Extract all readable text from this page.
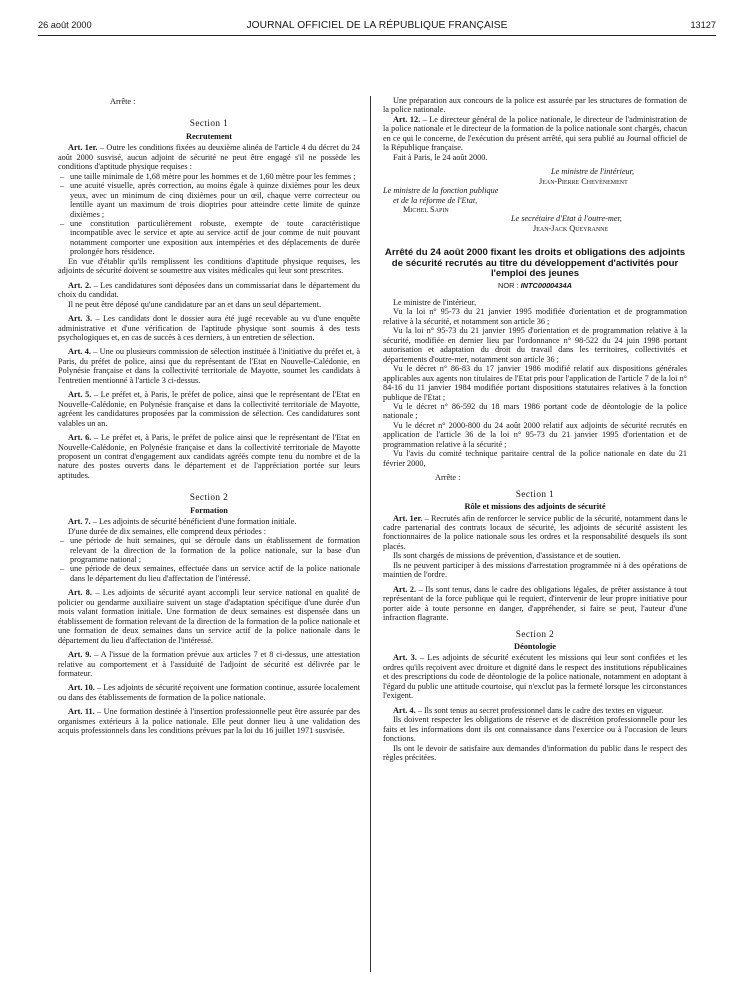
26 août 2000	JOURNAL OFFICIEL DE LA RÉPUBLIQUE FRANÇAISE	13127

Arrête :

Section 1
Recrutement

Art. 1er. – Outre les conditions fixées au deuxième alinéa de l'article 4 du décret du 24 août 2000 susvisé, aucun adjoint de sécurité ne peut être engagé s'il ne possède les conditions d'aptitude physique requises :

– une taille minimale de 1,68 mètre pour les hommes et de 1,60 mètre pour les femmes ;
– une acuité visuelle, après correction, au moins égale à quinze dixièmes pour les deux yeux, avec un minimum de cinq dixièmes pour un œil, chaque verre correcteur ou lentille ayant un maximum de trois dioptries pour atteindre cette limite de quinze dixièmes ;
– une constitution particulièrement robuste, exempte de toute caractéristique incompatible avec le service et apte au service actif de jour comme de nuit pouvant notamment comporter une exposition aux intempéries et des déplacements de durée prolongée hors résidence.

En vue d'établir qu'ils remplissent les conditions d'aptitude physique requises, les adjoints de sécurité doivent se soumettre aux visites médicales qui leur sont prescrites.

Art. 2. – Les candidatures sont déposées dans un commissariat dans le département du choix du candidat.

Il ne peut être déposé qu'une candidature par an et dans un seul département.

Art. 3. – Les candidats dont le dossier aura été jugé recevable au vu d'une enquête administrative et d'une vérification de l'aptitude physique sont soumis à des tests psychologiques et, en cas de succès à ces derniers, à un entretien de sélection.

Art. 4. – Une ou plusieurs commission de sélection instituée à l'initiative du préfet et, à Paris, du préfet de police, ainsi que du représentant de l'Etat en Nouvelle-Calédonie, en Polynésie française et dans la collectivité territoriale de Mayotte, soumet les candidats à l'entretien mentionné à l'article 3 ci-dessus.

Art. 5. – Le préfet et, à Paris, le préfet de police, ainsi que le représentant de l'Etat en Nouvelle-Calédonie, en Polynésie française et dans la collectivité territoriale de Mayotte, agréent les candidatures proposées par la commission de sélection. Ces candidatures sont valables un an.

Art. 6. – Le préfet et, à Paris, le préfet de police ainsi que le représentant de l'Etat en Nouvelle-Calédonie, en Polynésie française et dans la collectivité territoriale de Mayotte proposent un contrat d'engagement aux candidats agréés compte tenu du nombre et de la nature des postes ouverts dans le département et de l'appréciation portée sur leurs aptitudes.

Section 2
Formation

Art. 7. – Les adjoints de sécurité bénéficient d'une formation initiale.

D'une durée de dix semaines, elle comprend deux périodes :

– une période de huit semaines, qui se déroule dans un établissement de formation relevant de la direction de la formation de la police nationale, sur la base d'un programme national ;
– une période de deux semaines, effectuée dans un service actif de la police nationale dans le département du lieu d'affectation de l'intéressé.

Art. 8. – Les adjoints de sécurité ayant accompli leur service national en qualité de policier ou gendarme auxiliaire suivent un stage d'adaptation spécifique d'une durée d'un mois valant formation initiale. Une formation de deux semaines est dispensée dans un établissement de formation relevant de la direction de la formation de la police nationale et une formation de deux semaines dans un service actif de la police nationale dans le département du lieu d'affectation de l'intéressé.

Art. 9. – A l'issue de la formation prévue aux articles 7 et 8 ci-dessus, une attestation relative au comportement et à l'assiduité de l'adjoint de sécurité est délivrée par le formateur.

Art. 10. – Les adjoints de sécurité reçoivent une formation continue, assurée localement ou dans des établissements de formation de la police nationale.

Art. 11. – Une formation destinée à l'insertion professionnelle peut être assurée par des organismes extérieurs à la police nationale. Elle peut donner lieu à une validation des acquis professionnels dans les conditions prévues par la loi du 16 juillet 1971 susvisée.

Une préparation aux concours de la police est assurée par les structures de formation de la police nationale.

Art. 12. – Le directeur général de la police nationale, le directeur de l'administration de la police nationale et le directeur de la formation de la police nationale sont chargés, chacun en ce qui le concerne, de l'exécution du présent arrêté, qui sera publié au Journal officiel de la République française.

Fait à Paris, le 24 août 2000.

Le ministre de l'intérieur,

Jean-Pierre Chevènement

Le ministre de la fonction publique

et de la réforme de l'Etat,

Michel Sapin

Le secrétaire d'Etat à l'outre-mer,

Jean-Jack Queyranne

Arrêté du 24 août 2000 fixant les droits et obligations des adjoints de sécurité recrutés au titre du développement d'activités pour l'emploi des jeunes
NOR : INTC0000434A

Le ministre de l'intérieur,

Vu la loi n° 95-73 du 21 janvier 1995 modifiée d'orientation et de programmation relative à la sécurité, et notamment son article 36 ;

Vu la loi n° 95-73 du 21 janvier 1995 d'orientation et de programmation relative à la sécurité, modifiée en dernier lieu par l'ordonnance n° 98-522 du 24 juin 1998 portant autorisation et adaptation du droit du travail dans les territoires, collectivités et départements d'outre-mer, notamment son article 36 ;

Vu le décret n° 86-83 du 17 janvier 1986 modifié relatif aux dispositions générales applicables aux agents non titulaires de l'Etat pris pour l'application de l'article 7 de la loi n° 84-16 du 11 janvier 1984 modifiée portant dispositions statutaires relatives à la fonction publique de l'Etat ;

Vu le décret n° 86-592 du 18 mars 1986 portant code de déontologie de la police nationale ;

Vu le décret n° 2000-800 du 24 août 2000 relatif aux adjoints de sécurité recrutés en application de l'article 36 de la loi n° 95-73 du 21 janvier 1995 d'orientation et de programmation relative à la sécurité ;

Vu l'avis du comité technique paritaire central de la police nationale en date du 21 février 2000,

Arrête :

Section 1
Rôle et missions des adjoints de sécurité

Art. 1er. – Recrutés afin de renforcer le service public de la sécurité, notamment dans le cadre partenarial des contrats locaux de sécurité, les adjoints de sécurité assistent les fonctionnaires de la police nationale sous les ordres et la responsabilité desquels ils sont placés.

Ils sont chargés de missions de prévention, d'assistance et de soutien.

Ils ne peuvent participer à des missions d'arrestation programmée ni à des opérations de maintien de l'ordre.

Art. 2. – Ils sont tenus, dans le cadre des obligations légales, de prêter assistance à tout représentant de la force publique qui le requiert, d'intervenir de leur propre initiative pour porter aide à toute personne en danger, d'appréhender, si faire se peut, l'auteur d'une infraction flagrante.

Section 2
Déontologie

Art. 3. – Les adjoints de sécurité exécutent les missions qui leur sont confiées et les ordres qu'ils reçoivent avec droiture et dignité dans le respect des institutions républicaines et des prescriptions du code de déontologie de la police nationale, notamment en adoptant à l'égard du public une attitude courtoise, qui n'exclut pas la fermeté lorsque les circonstances l'exigent.

Art. 4. – Ils sont tenus au secret professionnel dans le cadre des textes en vigueur.

Ils doivent respecter les obligations de réserve et de discrétion professionnelle pour les faits et les informations dont ils ont connaissance dans l'exercice ou à l'occasion de leurs fonctions.

Ils ont le devoir de satisfaire aux demandes d'information du public dans le respect des règles précitées.
